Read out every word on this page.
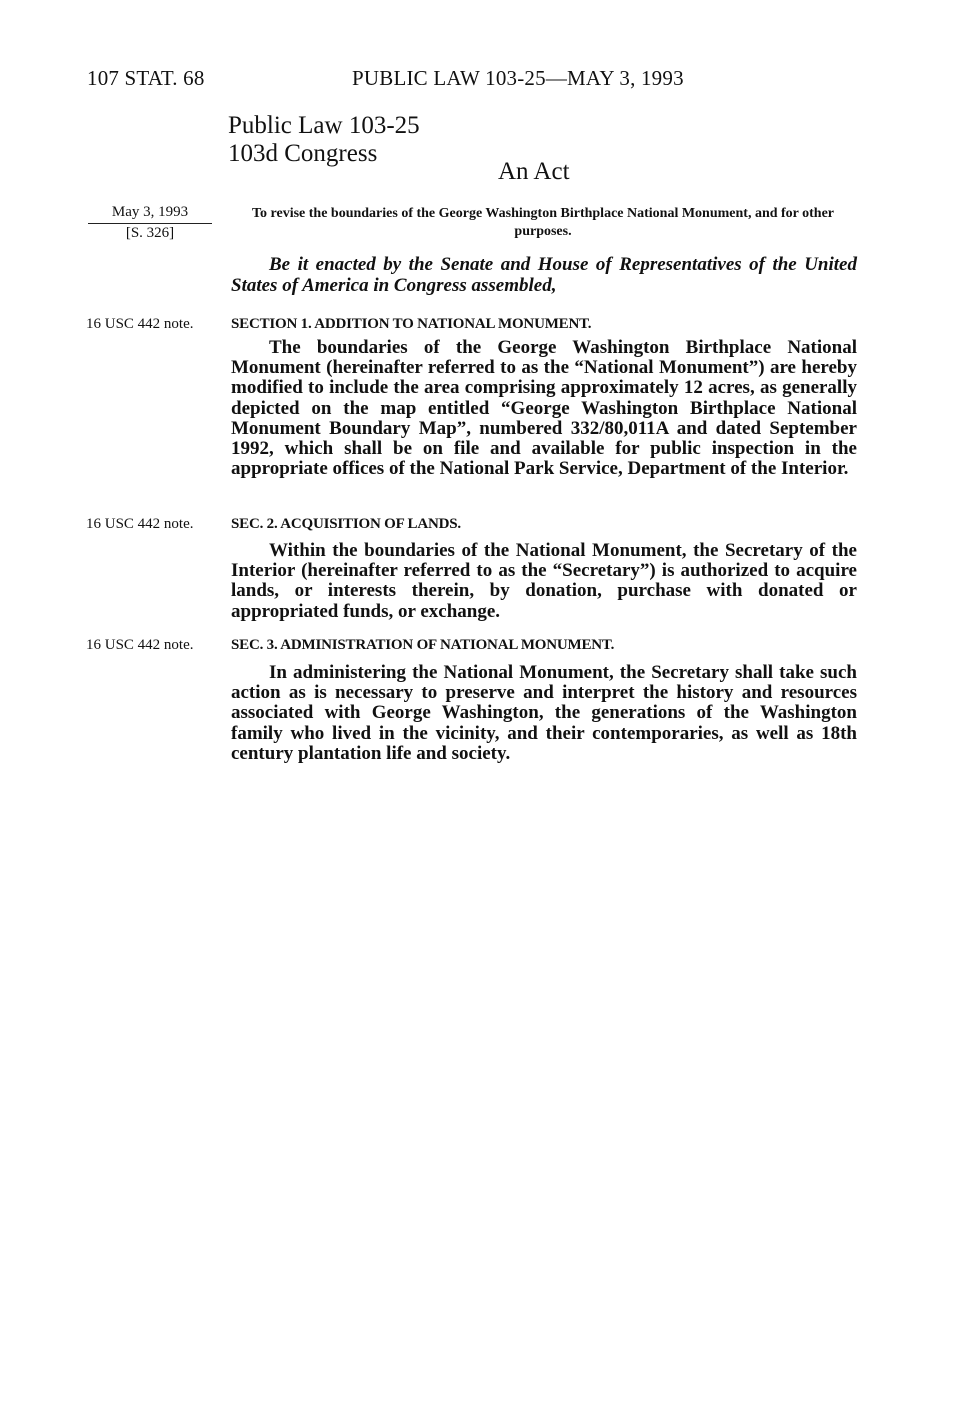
107 STAT. 68	PUBLIC LAW 103-25—MAY 3, 1993
Public Law 103-25
103d Congress
An Act
May 3, 1993
[S. 326]
To revise the boundaries of the George Washington Birthplace National Monument, and for other purposes.
Be it enacted by the Senate and House of Representatives of the United States of America in Congress assembled,
16 USC 442 note. SECTION 1. ADDITION TO NATIONAL MONUMENT.
The boundaries of the George Washington Birthplace National Monument (hereinafter referred to as the “National Monument”) are hereby modified to include the area comprising approximately 12 acres, as generally depicted on the map entitled “George Washington Birthplace National Monument Boundary Map”, numbered 332/80,011A and dated September 1992, which shall be on file and available for public inspection in the appropriate offices of the National Park Service, Department of the Interior.
16 USC 442 note. SEC. 2. ACQUISITION OF LANDS.
Within the boundaries of the National Monument, the Secretary of the Interior (hereinafter referred to as the “Secretary”) is authorized to acquire lands, or interests therein, by donation, purchase with donated or appropriated funds, or exchange.
16 USC 442 note. SEC. 3. ADMINISTRATION OF NATIONAL MONUMENT.
In administering the National Monument, the Secretary shall take such action as is necessary to preserve and interpret the history and resources associated with George Washington, the generations of the Washington family who lived in the vicinity, and their contemporaries, as well as 18th century plantation life and society.
